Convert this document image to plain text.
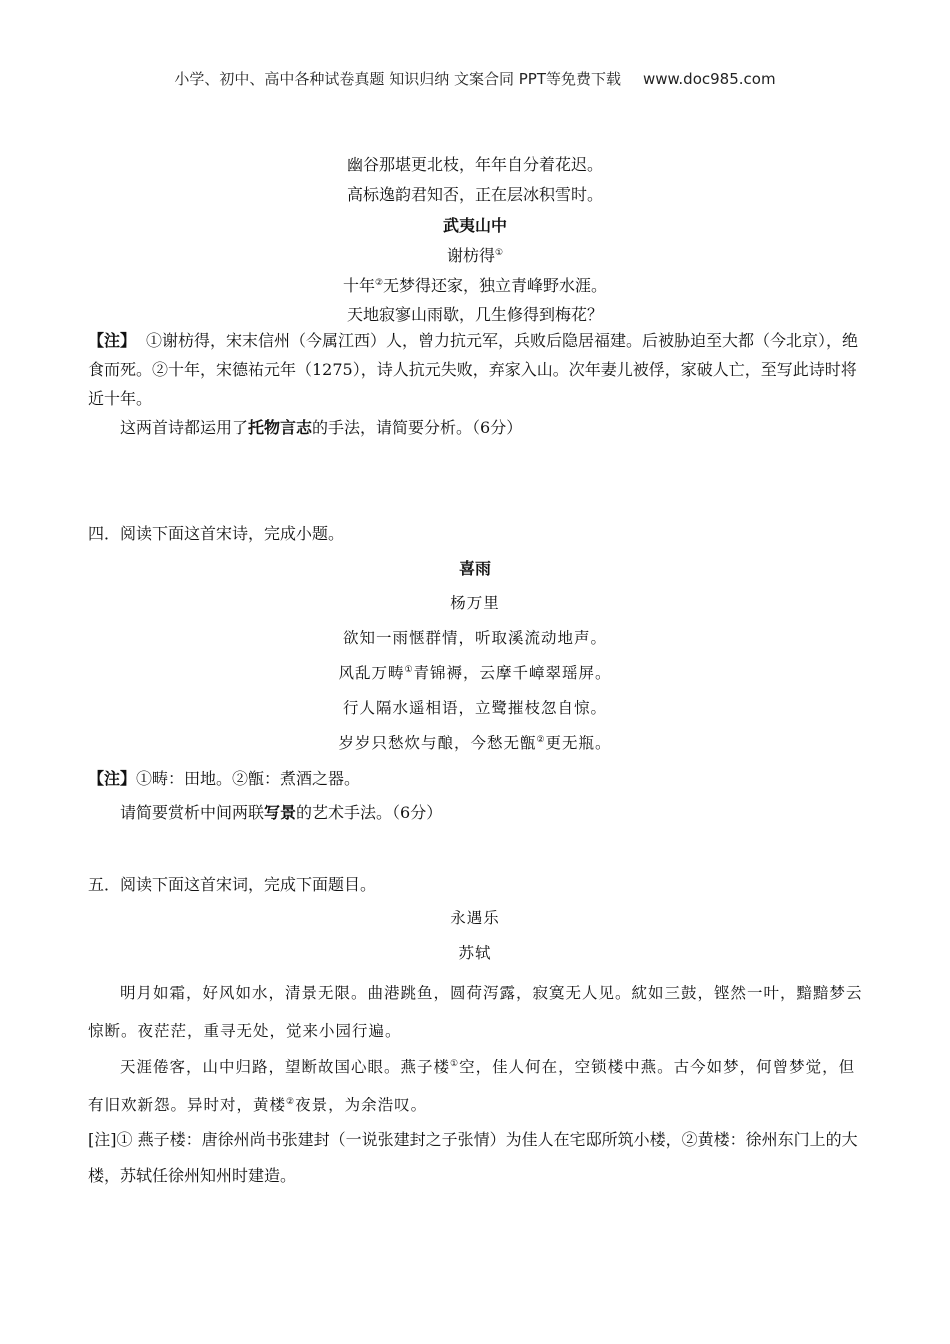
小学、初中、高中各种试卷真题 知识归纳 文案合同 PPT等免费下载 www.doc985.com
幽谷那堪更北枝，年年自分着花迟。
高标逸韵君知否，正在层冰积雪时。
武夷山中
谢枋得①
十年②无梦得还家，独立青峰野水涯。
天地寂寥山雨歇，几生修得到梅花？
【注】 ①谢枋得，宋末信州（今属江西）人，曾力抗元军，兵败后隐居福建。后被胁迫至大都（今北京），绝食而死。②十年，宋德祐元年（1275），诗人抗元失败，弃家入山。次年妻儿被俘，家破人亡，至写此诗时将近十年。
这两首诗都运用了托物言志的手法，请简要分析。（6分）
四．阅读下面这首宋诗，完成小题。
喜雨
杨万里
欲知一雨惬群情，听取溪流动地声。
风乱万畴①青锦褥，云摩千嶂翠瑶屏。
行人隔水遥相语，立鹭摧枝忽自惊。
岁岁只愁炊与酿，今愁无甑②更无瓶。
【注】①畴：田地。②甑：煮酒之器。
请简要赏析中间两联写景的艺术手法。（6分）
五．阅读下面这首宋词，完成下面题目。
永遇乐
苏轼
明月如霜，好风如水，清景无限。曲港跳鱼，圆荷泻露，寂寞无人见。紞如三鼓，铿然一叶，黯黯梦云惊断。夜茫茫，重寻无处，觉来小园行遍。
天涯倦客，山中归路，望断故国心眼。燕子楼①空，佳人何在，空锁楼中燕。古今如梦，何曾梦觉，但有旧欢新怨。异时对，黄楼②夜景，为余浩叹。
[注]① 燕子楼：唐徐州尚书张建封（一说张建封之子张情）为佳人在宅邸所筑小楼，②黄楼：徐州东门上的大楼，苏轼任徐州知州时建造。
